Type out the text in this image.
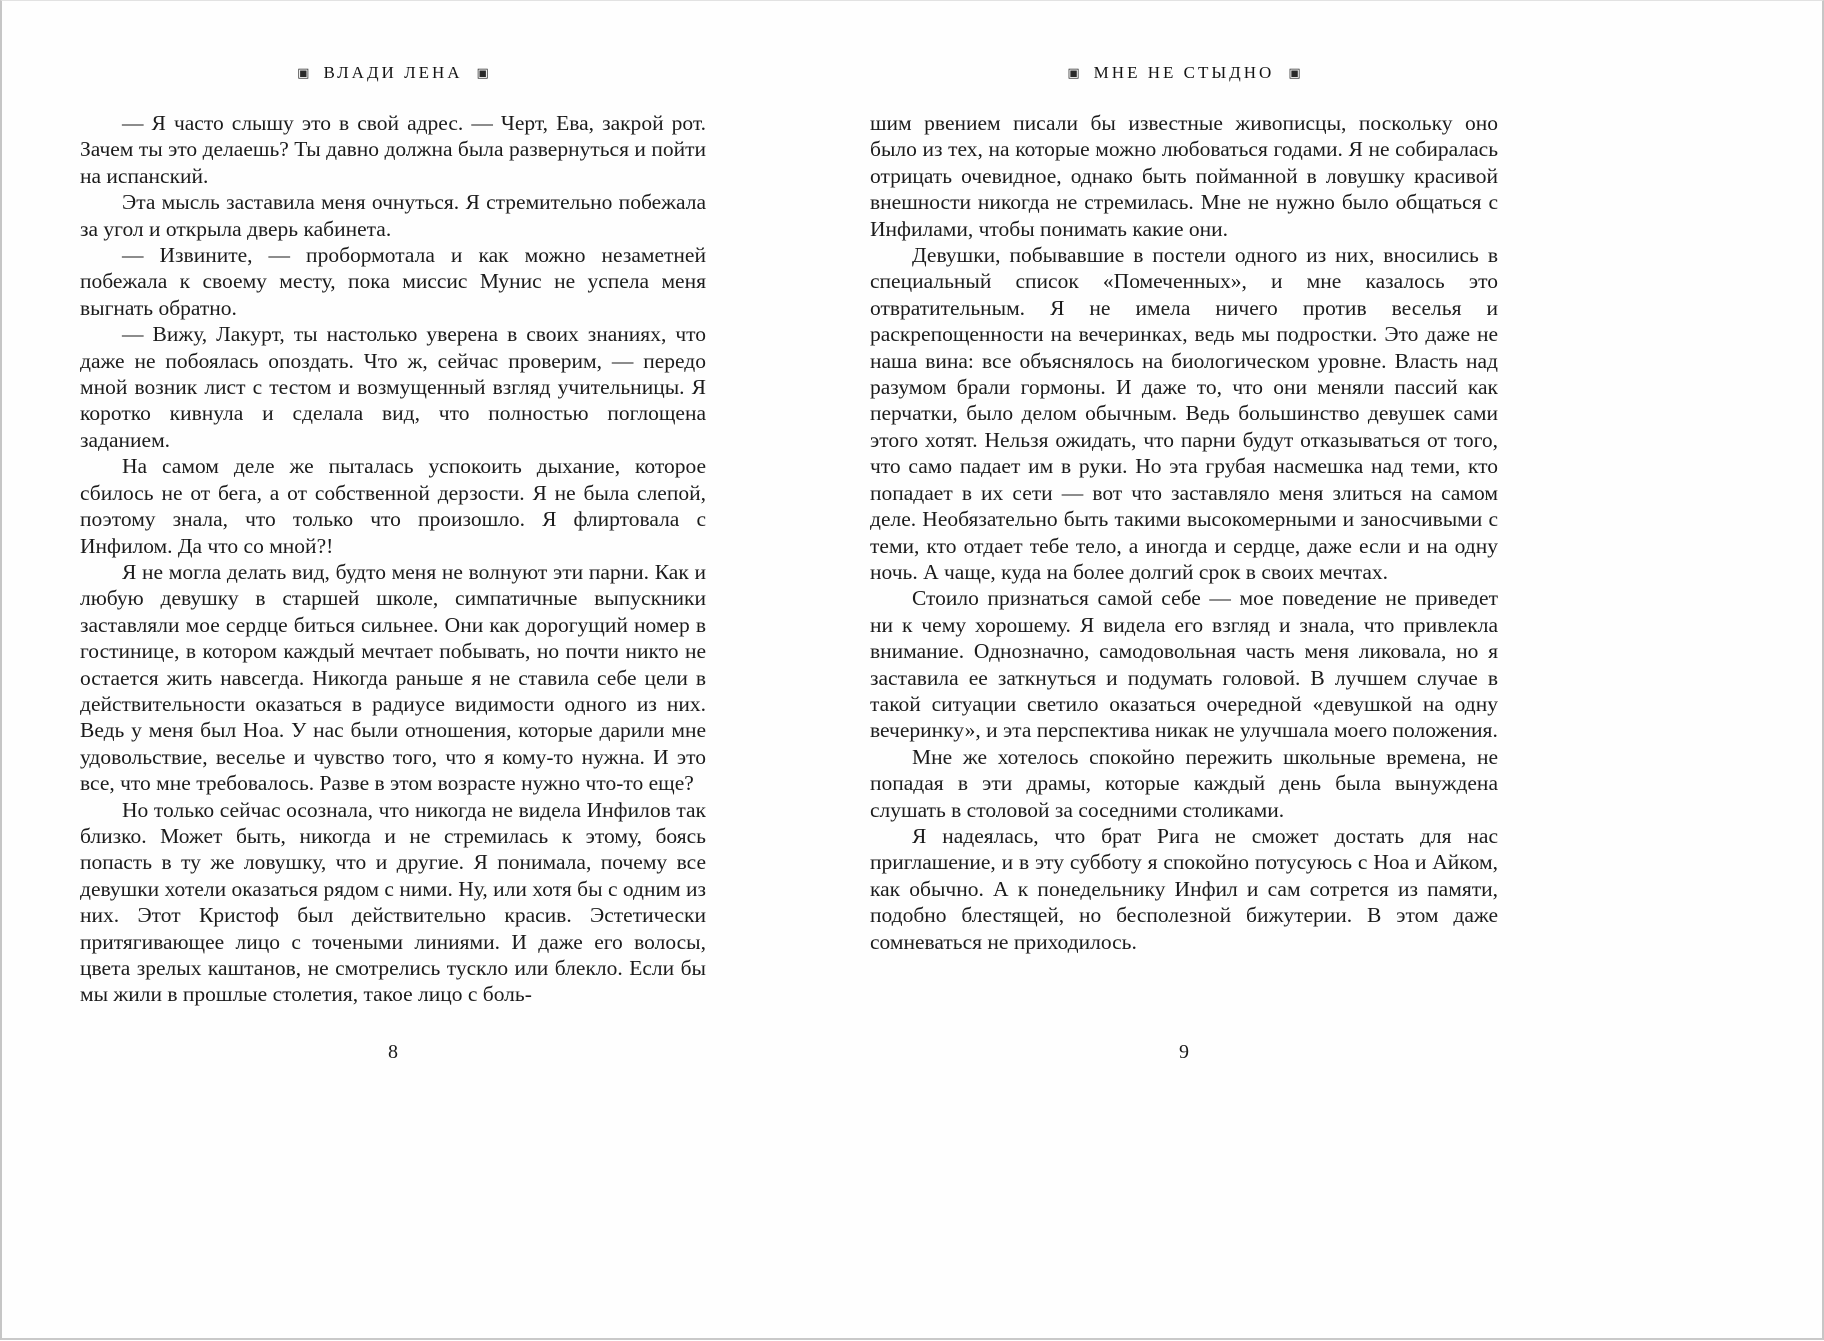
▣ ВЛАДИ ЛЕНА ▣

— Я часто слышу это в свой адрес. — Черт, Ева, закрой рот. Зачем ты это делаешь? Ты давно должна была развернуться и пойти на испанский.

Эта мысль заставила меня очнуться. Я стремительно побежала за угол и открыла дверь кабинета.

— Извините, — пробормотала и как можно незаметней побежала к своему месту, пока миссис Мунис не успела меня выгнать обратно.

— Вижу, Лакурт, ты настолько уверена в своих знаниях, что даже не побоялась опоздать. Что ж, сейчас проверим, — передо мной возник лист с тестом и возмущенный взгляд учительницы. Я коротко кивнула и сделала вид, что полностью поглощена заданием.

На самом деле же пыталась успокоить дыхание, которое сбилось не от бега, а от собственной дерзости. Я не была слепой, поэтому знала, что только что произошло. Я флиртовала с Инфилом. Да что со мной?!

Я не могла делать вид, будто меня не волнуют эти парни. Как и любую девушку в старшей школе, симпатичные выпускники заставляли мое сердце биться сильнее. Они как дорогущий номер в гостинице, в котором каждый мечтает побывать, но почти никто не остается жить навсегда. Никогда раньше я не ставила себе цели в действительности оказаться в радиусе видимости одного из них. Ведь у меня был Ноа. У нас были отношения, которые дарили мне удовольствие, веселье и чувство того, что я кому-то нужна. И это все, что мне требовалось. Разве в этом возрасте нужно что-то еще?

Но только сейчас осознала, что никогда не видела Инфилов так близко. Может быть, никогда и не стремилась к этому, боясь попасть в ту же ловушку, что и другие. Я понимала, почему все девушки хотели оказаться рядом с ними. Ну, или хотя бы с одним из них. Этот Кристоф был действительно красив. Эстетически притягивающее лицо с точеными линиями. И даже его волосы, цвета зрелых каштанов, не смотрелись тускло или блекло. Если бы мы жили в прошлые столетия, такое лицо с боль-

8
▣ МНЕ НЕ СТЫДНО ▣

шим рвением писали бы известные живописцы, поскольку оно было из тех, на которые можно любоваться годами. Я не собиралась отрицать очевидное, однако быть пойманной в ловушку красивой внешности никогда не стремилась. Мне не нужно было общаться с Инфилами, чтобы понимать какие они.

Девушки, побывавшие в постели одного из них, вносились в специальный список «Помеченных», и мне казалось это отвратительным. Я не имела ничего против веселья и раскрепощенности на вечеринках, ведь мы подростки. Это даже не наша вина: все объяснялось на биологическом уровне. Власть над разумом брали гормоны. И даже то, что они меняли пассий как перчатки, было делом обычным. Ведь большинство девушек сами этого хотят. Нельзя ожидать, что парни будут отказываться от того, что само падает им в руки. Но эта грубая насмешка над теми, кто попадает в их сети — вот что заставляло меня злиться на самом деле. Необязательно быть такими высокомерными и заносчивыми с теми, кто отдает тебе тело, а иногда и сердце, даже если и на одну ночь. А чаще, куда на более долгий срок в своих мечтах.

Стоило признаться самой себе — мое поведение не приведет ни к чему хорошему. Я видела его взгляд и знала, что привлекла внимание. Однозначно, самодовольная часть меня ликовала, но я заставила ее заткнуться и подумать головой. В лучшем случае в такой ситуации светило оказаться очередной «девушкой на одну вечеринку», и эта перспектива никак не улучшала моего положения.

Мне же хотелось спокойно пережить школьные времена, не попадая в эти драмы, которые каждый день была вынуждена слушать в столовой за соседними столиками.

Я надеялась, что брат Рига не сможет достать для нас приглашение, и в эту субботу я спокойно потусуюсь с Ноа и Айком, как обычно. А к понедельнику Инфил и сам сотрется из памяти, подобно блестящей, но бесполезной бижутерии. В этом даже сомневаться не приходилось.

9
